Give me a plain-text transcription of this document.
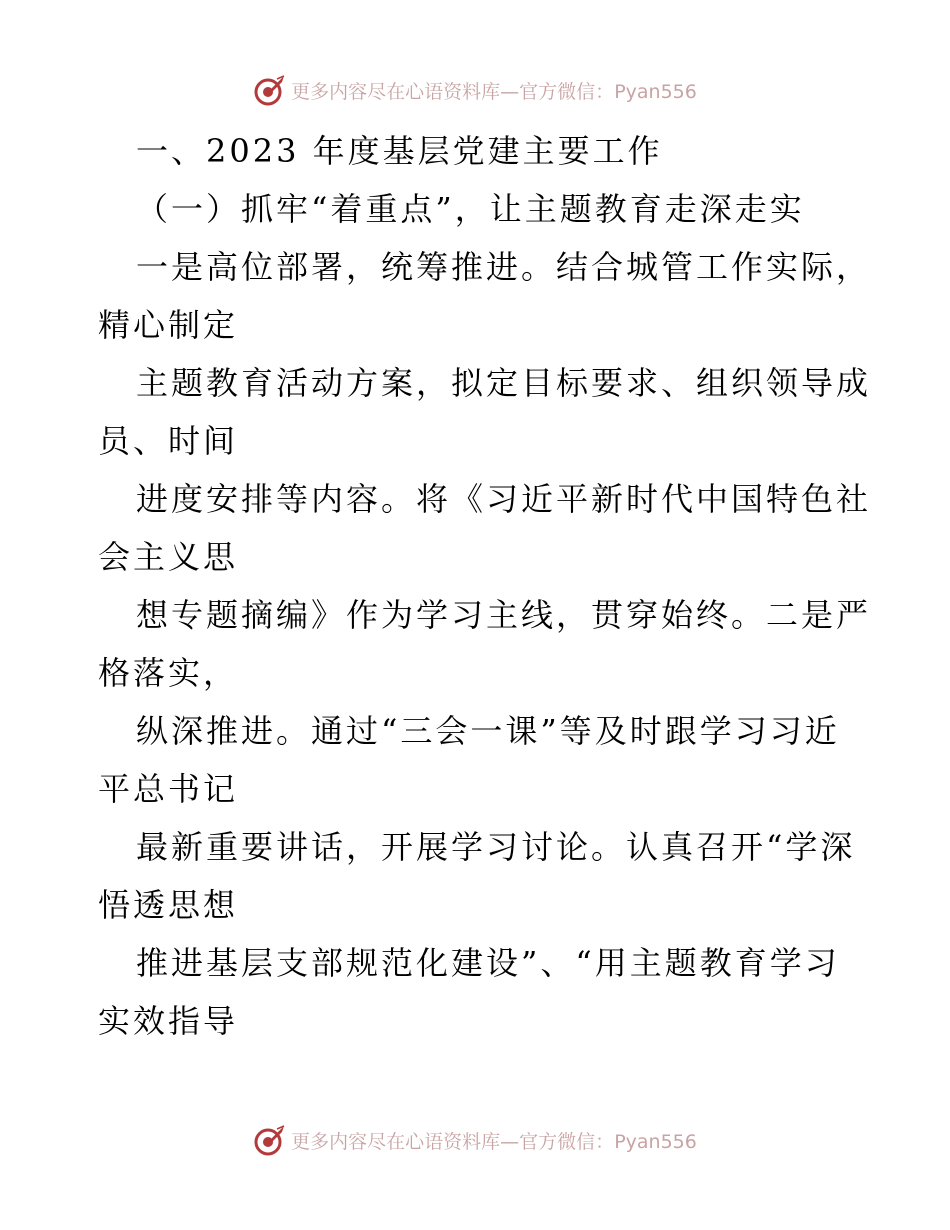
更多内容尽在心语资料库—官方微信：Pyan556
一、2023 年度基层党建主要工作
（一）抓牢“着重点”，让主题教育走深走实
一是高位部署，统筹推进。结合城管工作实际，
精心制定
主题教育活动方案，拟定目标要求、组织领导成
员、时间
进度安排等内容。将《习近平新时代中国特色社
会主义思
想专题摘编》作为学习主线，贯穿始终。二是严
格落实，
纵深推进。通过“三会一课”等及时跟学习习近
平总书记
最新重要讲话，开展学习讨论。认真召开“学深
悟透思想
推进基层支部规范化建设”、“用主题教育学习
实效指导
更多内容尽在心语资料库—官方微信：Pyan556
